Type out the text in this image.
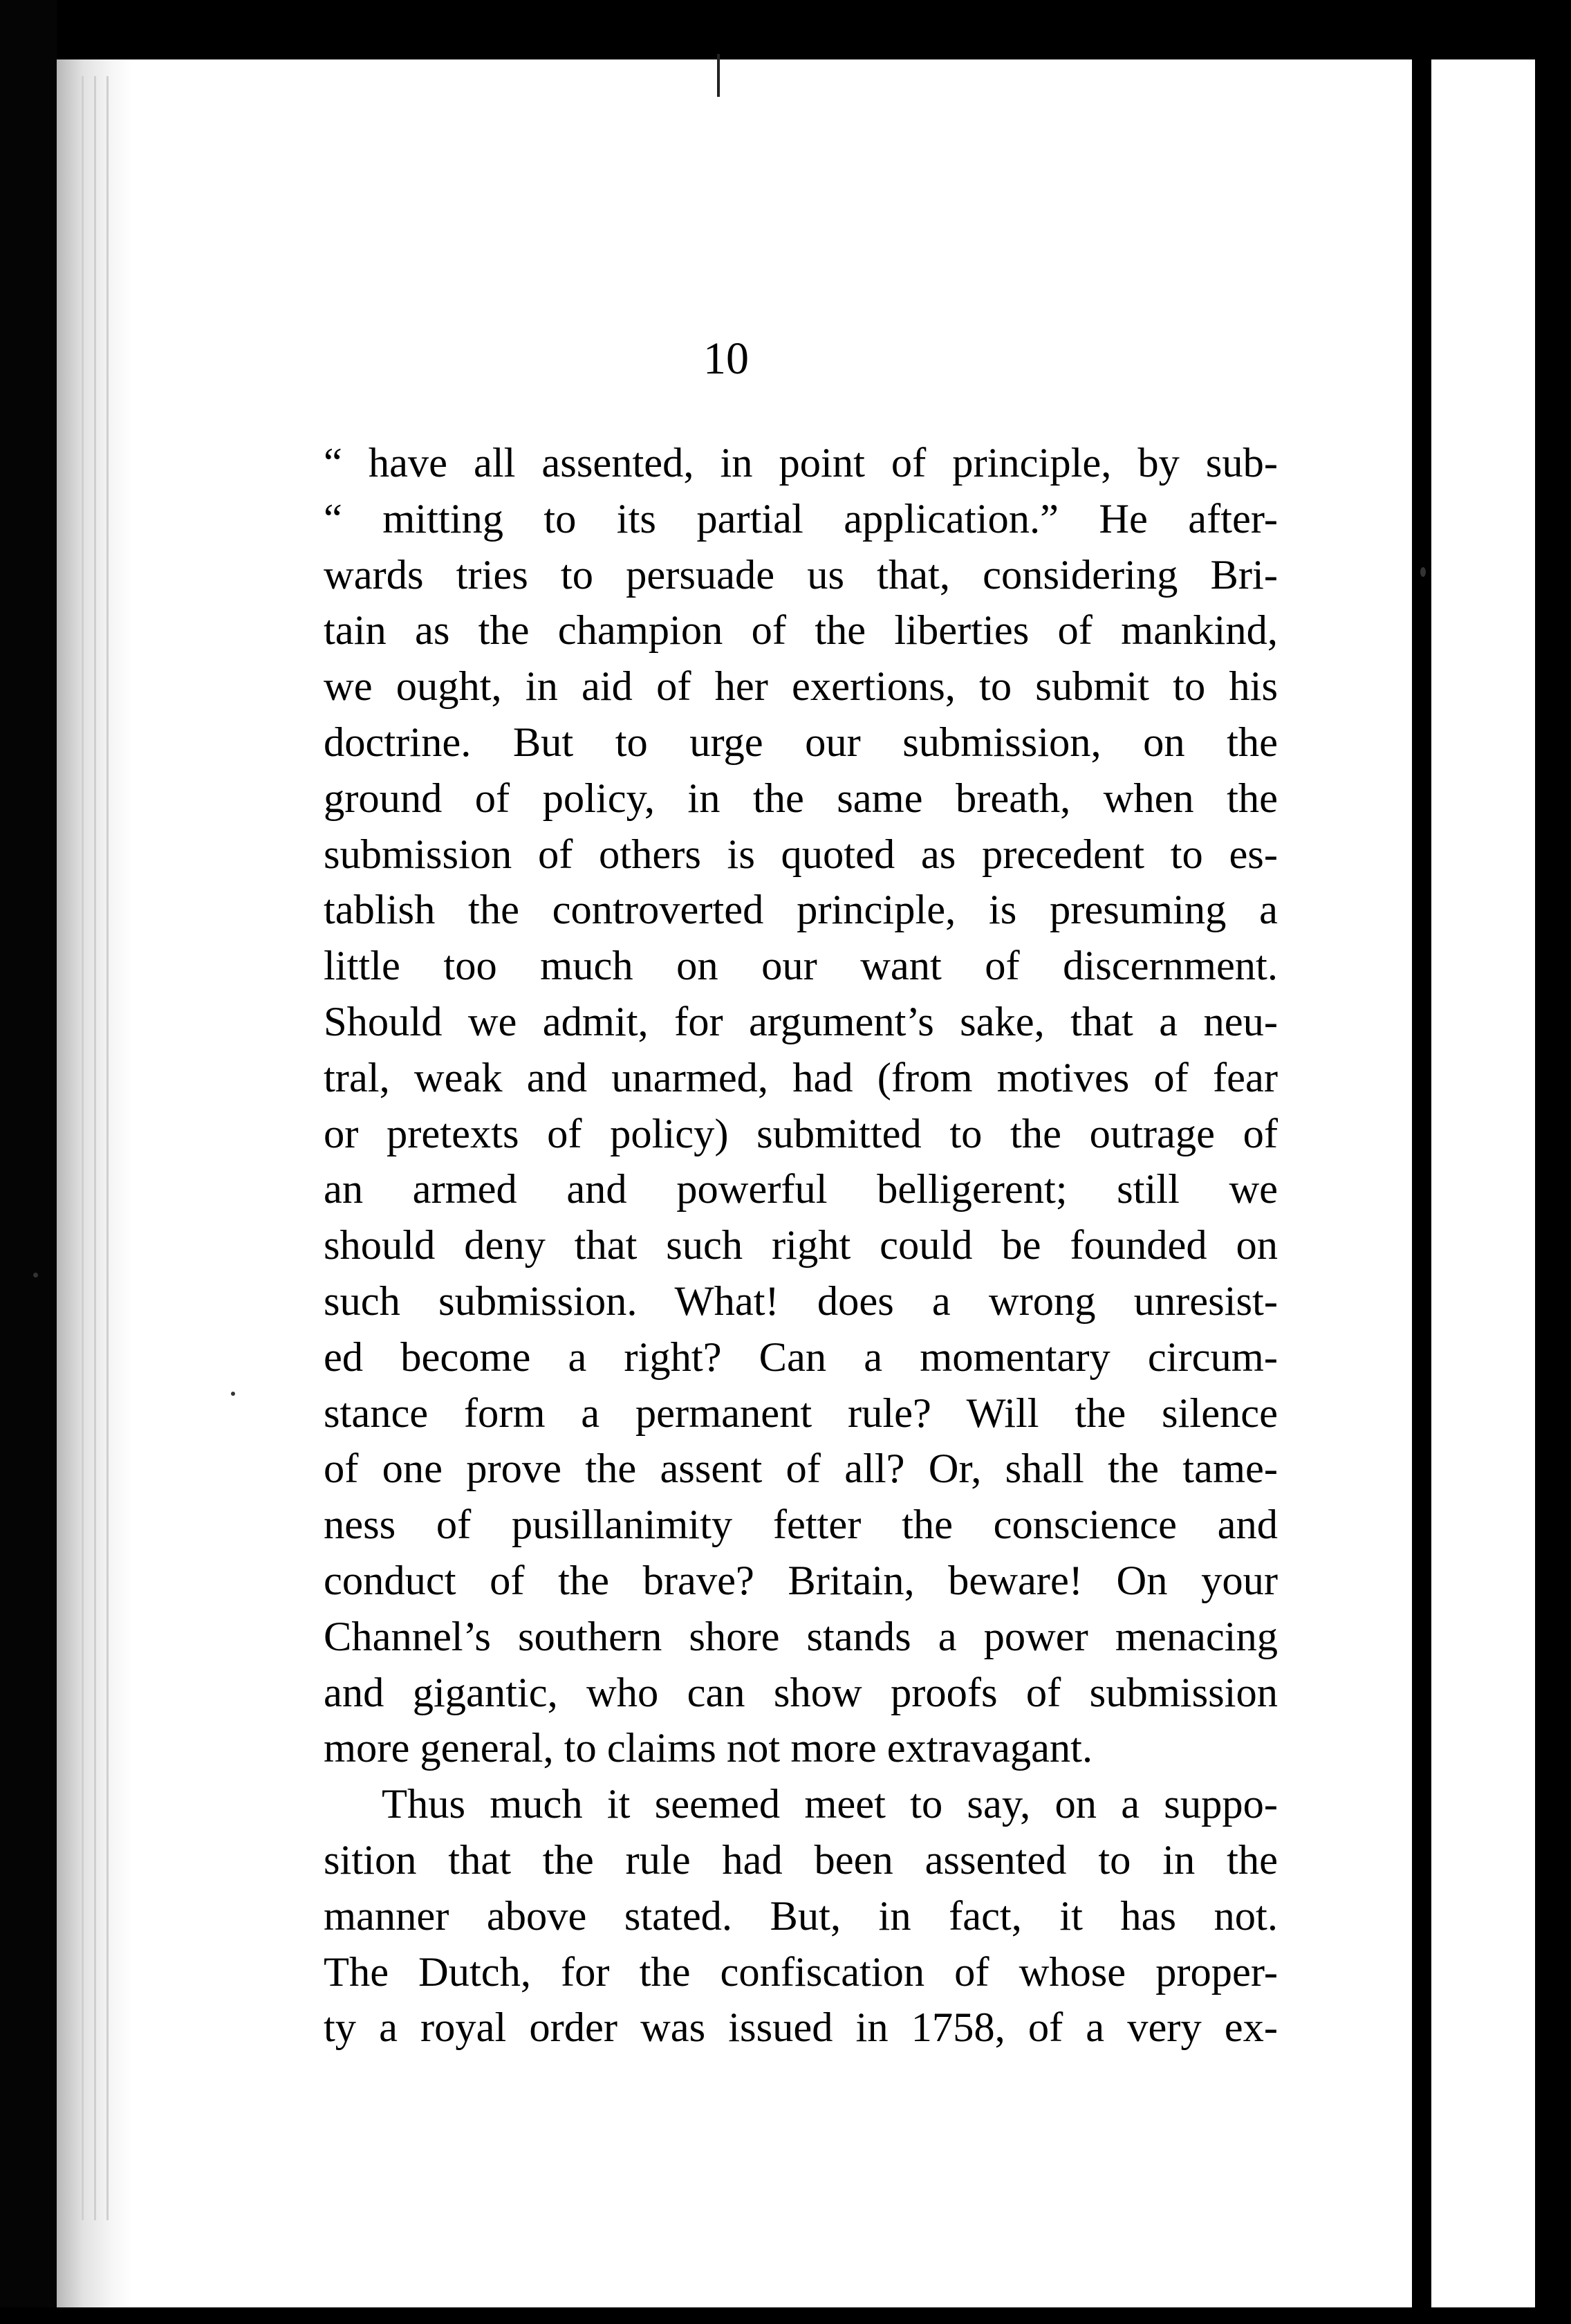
10
“ have all assented, in point of principle, by sub-
“ mitting to its partial application.” He after-
wards tries to persuade us that, considering Bri-
tain as the champion of the liberties of mankind,
we ought, in aid of her exertions, to submit to his
doctrine. But to urge our submission, on the
ground of policy, in the same breath, when the
submission of others is quoted as precedent to es-
tablish the controverted principle, is presuming a
little too much on our want of discernment.
Should we admit, for argument’s sake, that a neu-
tral, weak and unarmed, had (from motives of fear
or pretexts of policy) submitted to the outrage of
an armed and powerful belligerent; still we
should deny that such right could be founded on
such submission. What! does a wrong unresist-
ed become a right? Can a momentary circum-
stance form a permanent rule? Will the silence
of one prove the assent of all? Or, shall the tame-
ness of pusillanimity fetter the conscience and
conduct of the brave? Britain, beware! On your
Channel’s southern shore stands a power menacing
and gigantic, who can show proofs of submission
more general, to claims not more extravagant.
Thus much it seemed meet to say, on a suppo-
sition that the rule had been assented to in the
manner above stated. But, in fact, it has not.
The Dutch, for the confiscation of whose proper-
ty a royal order was issued in 1758, of a very ex-
